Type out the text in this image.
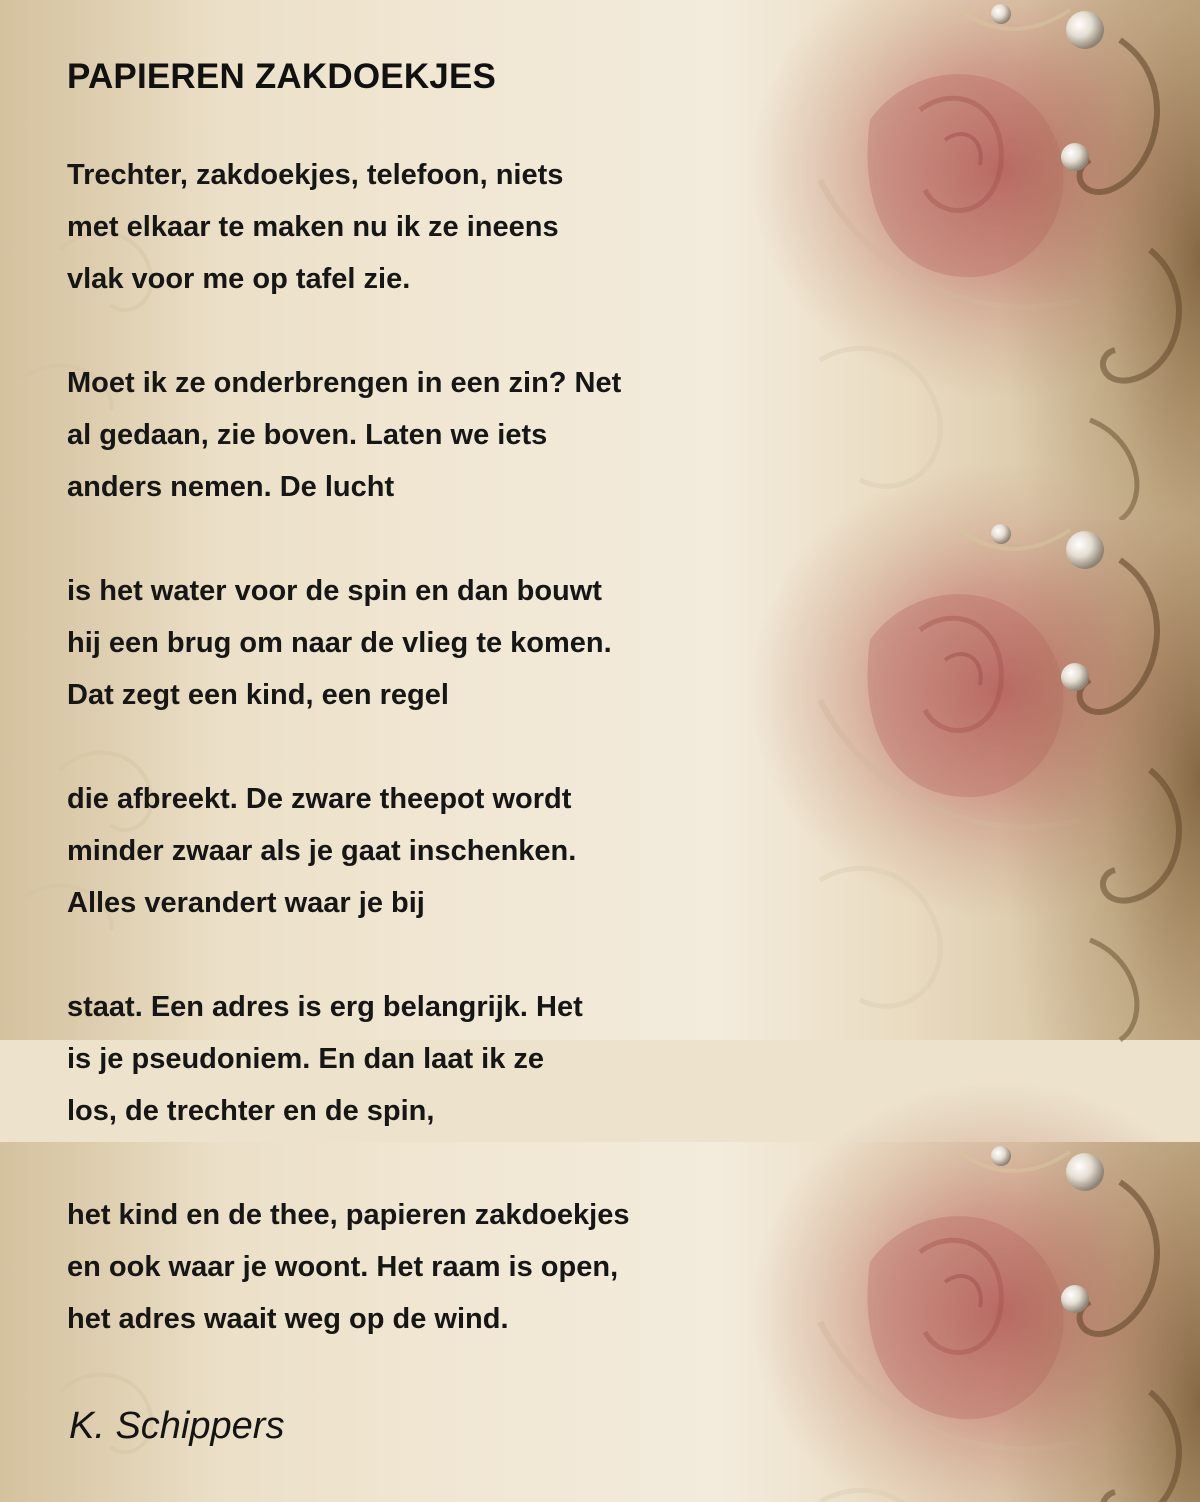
PAPIEREN ZAKDOEKJES
Trechter, zakdoekjes, telefoon, niets
met elkaar te maken nu ik ze ineens
vlak voor me op tafel zie.
Moet ik ze onderbrengen in een zin? Net
al gedaan, zie boven. Laten we iets
anders nemen. De lucht
is het water voor de spin en dan bouwt
hij een brug om naar de vlieg te komen.
Dat zegt een kind, een regel
die afbreekt. De zware theepot wordt
minder zwaar als je gaat inschenken.
Alles verandert waar je bij
staat. Een adres is erg belangrijk. Het
is je pseudoniem. En dan laat ik ze
los, de trechter en de spin,
het kind en de thee, papieren zakdoekjes
en ook waar je woont. Het raam is open,
het adres waait weg op de wind.

K. Schippers
